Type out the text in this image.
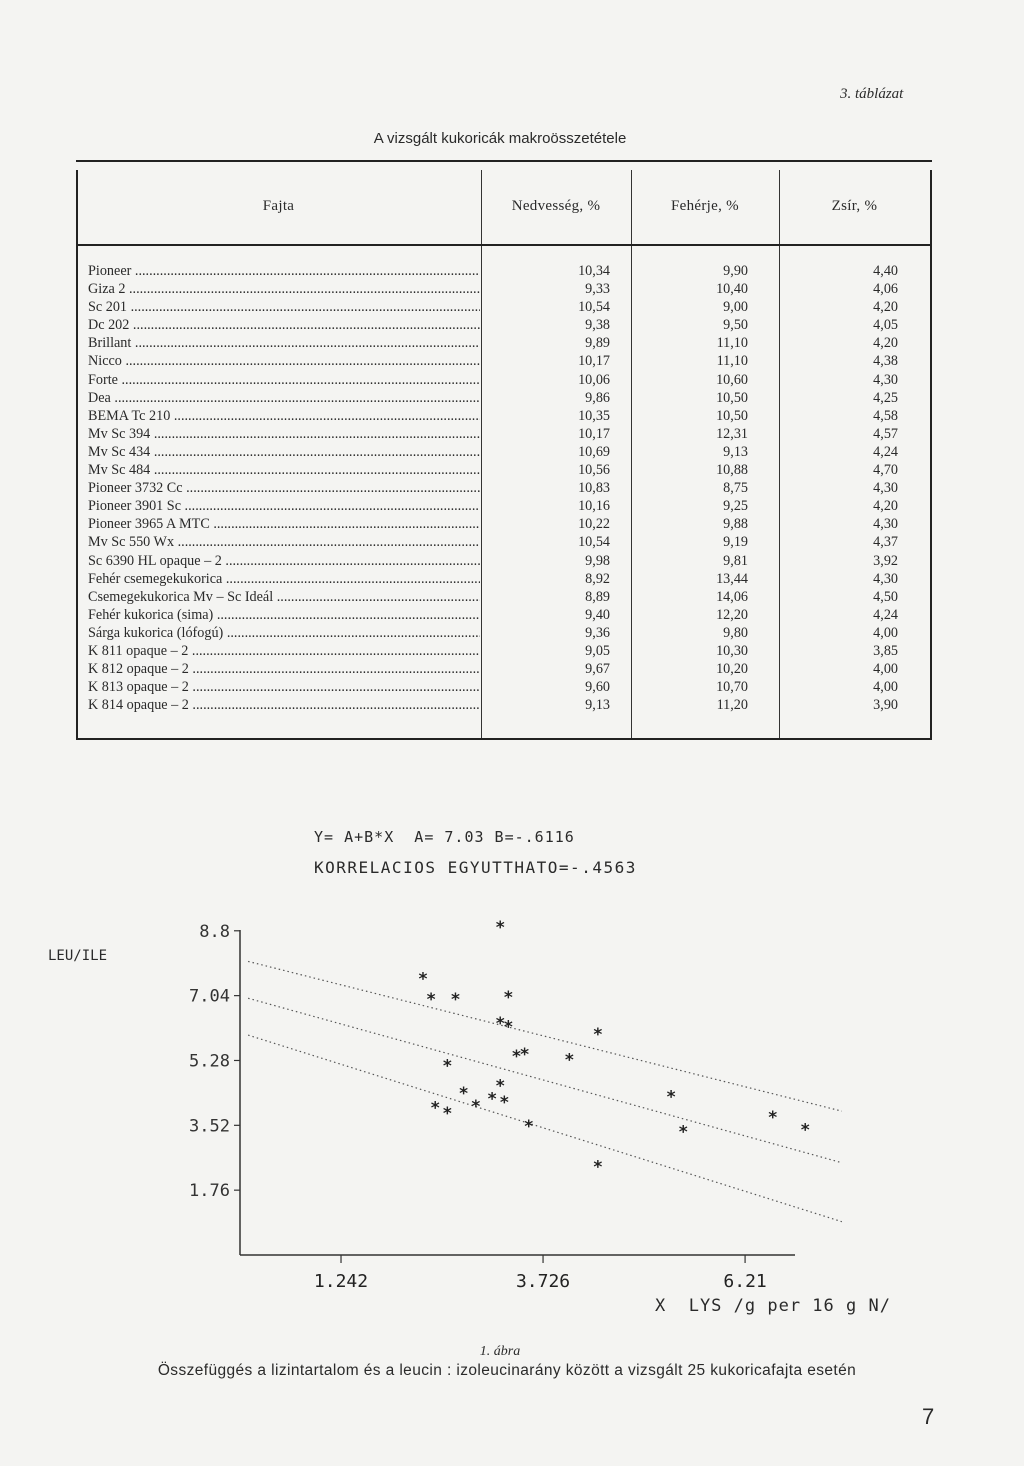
3. táblázat
A vizsgált kukoricák makroösszetétele
Fajta	Nedvesség, %	Fehérje, %	Zsír, %
Pioneer .....	10,34	9,90	4,40
Giza 2 .....	9,33	10,40	4,06
Sc 201 .....	10,54	9,00	4,20
Dc 202 .....	9,38	9,50	4,05
Brillant .....	9,89	11,10	4,20
Nicco .....	10,17	11,10	4,38
Forte .....	10,06	10,60	4,30
Dea .....	9,86	10,50	4,25
BEMA Tc 210 .....	10,35	10,50	4,58
Mv Sc 394 .....	10,17	12,31	4,57
Mv Sc 434 .....	10,69	9,13	4,24
Mv Sc 484 .....	10,56	10,88	4,70
Pioneer 3732 Cc .....	10,83	8,75	4,30
Pioneer 3901 Sc .....	10,16	9,25	4,20
Pioneer 3965 A MTC .....	10,22	9,88	4,30
Mv Sc 550 Wx .....	10,54	9,19	4,37
Sc 6390 HL opaque – 2 .....	9,98	9,81	3,92
Fehér csemegekukorica .....	8,92	13,44	4,30
Csemegekukorica Mv – Sc Ideál .....	8,89	14,06	4,50
Fehér kukorica (sima) .....	9,40	12,20	4,24
Sárga kukorica (lófogú) .....	9,36	9,80	4,00
K 811 opaque – 2 .....	9,05	10,30	3,85
K 812 opaque – 2 .....	9,67	10,20	4,00
K 813 opaque – 2 .....	9,60	10,70	4,00
K 814 opaque – 2 .....	9,13	11,20	3,90
Y= A+B*X  A= 7.03 B=-.6116
KORRELACIOS EGYUTTHATO=-.4563
LEU/ILE
8.8
7.04
5.28
3.52
1.76
1.242	3.726	6.21
*
*
* *	*
*
*	*
* *
*
*
* * *
* * *
*
*
*
*
*
*
*
X  LYS /g per 16 g N/
1. ábra
Összefüggés a lizintartalom és a leucin : izoleucinarány között a vizsgált 25 kukoricafajta esetén
7
